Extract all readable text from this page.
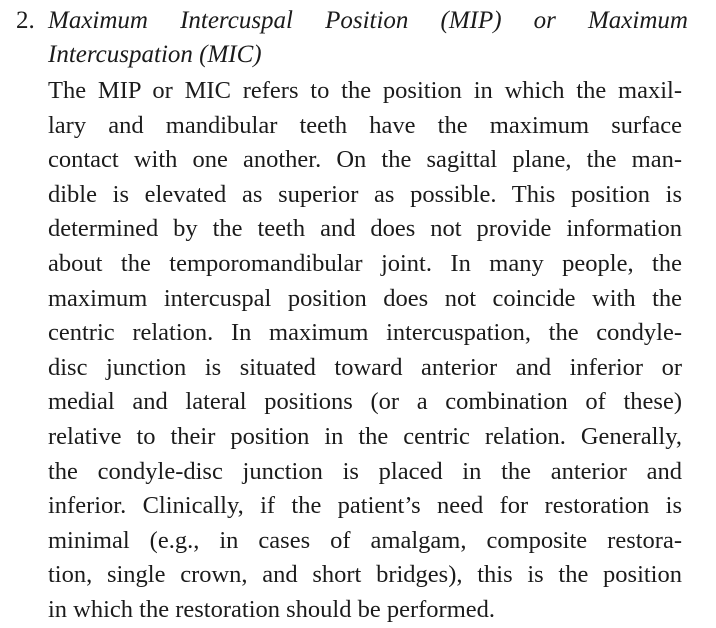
2. Maximum Intercuspal Position (MIP) or Maximum
Intercuspation (MIC)
The MIP or MIC refers to the position in which the maxil-
lary and mandibular teeth have the maximum surface
contact with one another. On the sagittal plane, the man-
dible is elevated as superior as possible. This position is
determined by the teeth and does not provide information
about the temporomandibular joint. In many people, the
maximum intercuspal position does not coincide with the
centric relation. In maximum intercuspation, the condyle-
disc junction is situated toward anterior and inferior or
medial and lateral positions (or a combination of these)
relative to their position in the centric relation. Generally,
the condyle-disc junction is placed in the anterior and
inferior. Clinically, if the patient’s need for restoration is
minimal (e.g., in cases of amalgam, composite restora-
tion, single crown, and short bridges), this is the position
in which the restoration should be performed.
